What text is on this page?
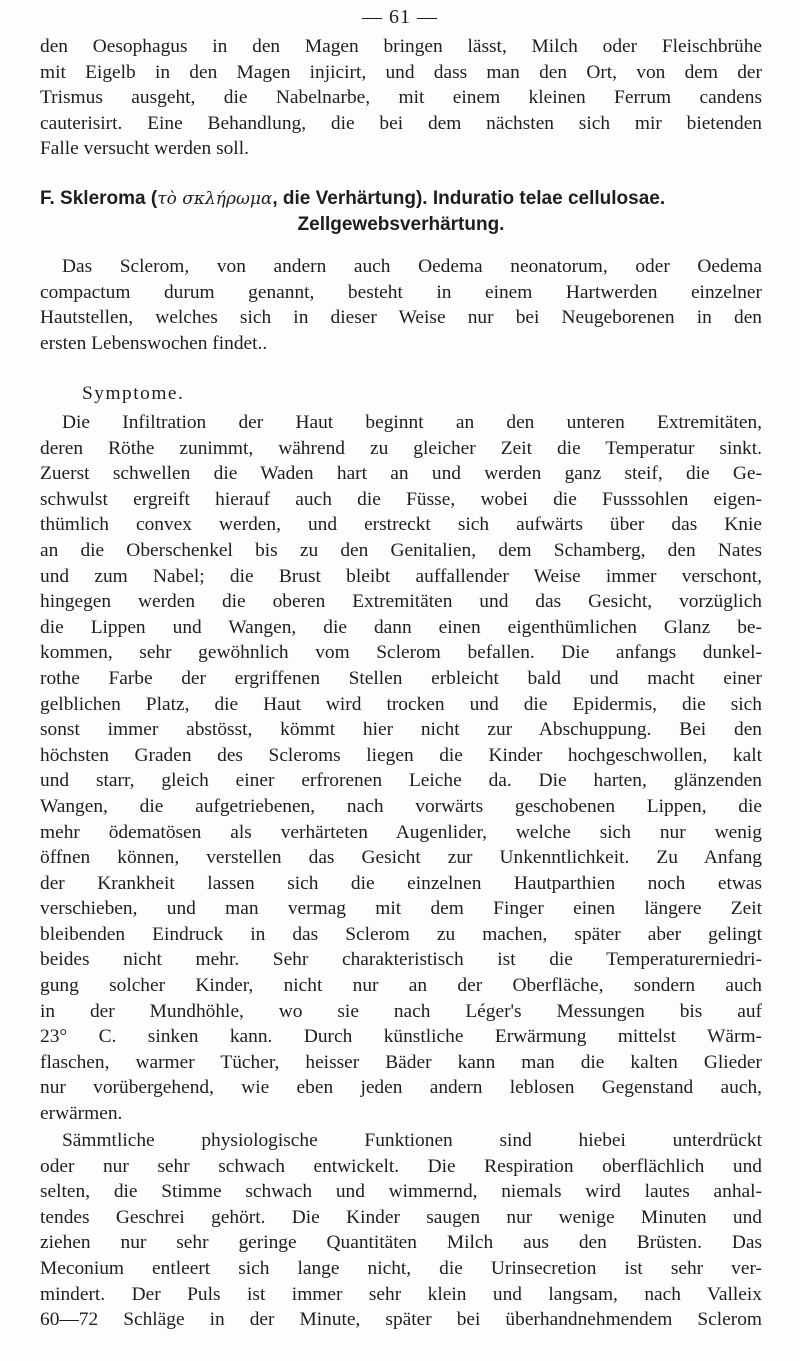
— 61 —
den Oesophagus in den Magen bringen lässt, Milch oder Fleischbrühe
mit Eigelb in den Magen injicirt, und dass man den Ort, von dem der
Trismus ausgeht, die Nabelnarbe, mit einem kleinen Ferrum candens
cauterisirt. Eine Behandlung, die bei dem nächsten sich mir bietenden
Falle versucht werden soll.
F. Skleroma (τὸ σκλήρωμα, die Verhärtung). Induratio telae cellulosae.
Zellgewebsverhärtung.
Das Sclerom, von andern auch Oedema neonatorum, oder Oedema
compactum durum genannt, besteht in einem Hartwerden einzelner
Hautstellen, welches sich in dieser Weise nur bei Neugeborenen in den
ersten Lebenswochen findet..
Symptome.
Die Infiltration der Haut beginnt an den unteren Extremitäten,
deren Röthe zunimmt, während zu gleicher Zeit die Temperatur sinkt.
Zuerst schwellen die Waden hart an und werden ganz steif, die Ge-
schwulst ergreift hierauf auch die Füsse, wobei die Fusssohlen eigen-
thümlich convex werden, und erstreckt sich aufwärts über das Knie
an die Oberschenkel bis zu den Genitalien, dem Schamberg, den Nates
und zum Nabel; die Brust bleibt auffallender Weise immer verschont,
hingegen werden die oberen Extremitäten und das Gesicht, vorzüglich
die Lippen und Wangen, die dann einen eigenthümlichen Glanz be-
kommen, sehr gewöhnlich vom Sclerom befallen. Die anfangs dunkel-
rothe Farbe der ergriffenen Stellen erbleicht bald und macht einer
gelblichen Platz, die Haut wird trocken und die Epidermis, die sich
sonst immer abstösst, kömmt hier nicht zur Abschuppung. Bei den
höchsten Graden des Scleroms liegen die Kinder hochgeschwollen, kalt
und starr, gleich einer erfrorenen Leiche da. Die harten, glänzenden
Wangen, die aufgetriebenen, nach vorwärts geschobenen Lippen, die
mehr ödematösen als verhärteten Augenlider, welche sich nur wenig
öffnen können, verstellen das Gesicht zur Unkenntlichkeit. Zu Anfang
der Krankheit lassen sich die einzelnen Hautparthien noch etwas
verschieben, und man vermag mit dem Finger einen längere Zeit
bleibenden Eindruck in das Sclerom zu machen, später aber gelingt
beides nicht mehr. Sehr charakteristisch ist die Temperaturerniedri-
gung solcher Kinder, nicht nur an der Oberfläche, sondern auch
in der Mundhöhle, wo sie nach Léger's Messungen bis auf
23° C. sinken kann. Durch künstliche Erwärmung mittelst Wärm-
flaschen, warmer Tücher, heisser Bäder kann man die kalten Glieder
nur vorübergehend, wie eben jeden andern leblosen Gegenstand auch,
erwärmen.
Sämmtliche physiologische Funktionen sind hiebei unterdrückt
oder nur sehr schwach entwickelt. Die Respiration oberflächlich und
selten, die Stimme schwach und wimmernd, niemals wird lautes anhal-
tendes Geschrei gehört. Die Kinder saugen nur wenige Minuten und
ziehen nur sehr geringe Quantitäten Milch aus den Brüsten. Das
Meconium entleert sich lange nicht, die Urinsecretion ist sehr ver-
mindert. Der Puls ist immer sehr klein und langsam, nach Valleix
60—72 Schläge in der Minute, später bei überhandnehmendem Sclerom
